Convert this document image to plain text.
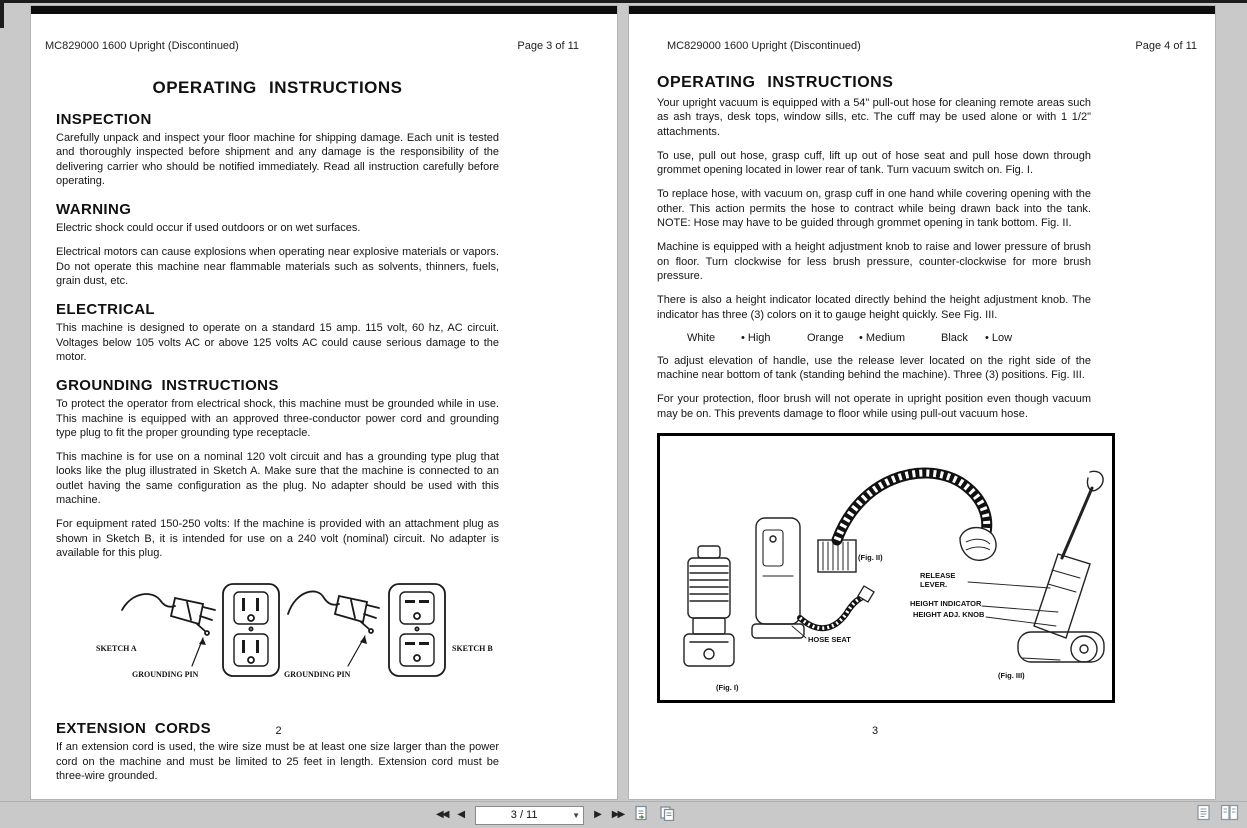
MC829000 1600 Upright (Discontinued)	Page 3 of 11
OPERATING INSTRUCTIONS
INSPECTION

Carefully unpack and inspect your floor machine for shipping damage. Each unit is tested and thoroughly inspected before shipment and any damage is the responsibility of the delivering carrier who should be notified immediately. Read all instruction carefully before operating.

WARNING

Electric shock could occur if used outdoors or on wet surfaces.

Electrical motors can cause explosions when operating near explosive materials or vapors. Do not operate this machine near flammable materials such as solvents, thinners, fuels, grain dust, etc.

ELECTRICAL

This machine is designed to operate on a standard 15 amp. 115 volt, 60 hz, AC circuit. Voltages below 105 volts AC or above 125 volts AC could cause serious damage to the motor.

GROUNDING INSTRUCTIONS

To protect the operator from electrical shock, this machine must be grounded while in use. This machine is equipped with an approved three-conductor power cord and grounding type plug to fit the proper grounding type receptacle.

This machine is for use on a nominal 120 volt circuit and has a grounding type plug that looks like the plug illustrated in Sketch A. Make sure that the machine is connected to an outlet having the same configuration as the plug. No adapter should be used with this machine.

For equipment rated 150-250 volts: If the machine is provided with an attachment plug as shown in Sketch B, it is intended for use on a 240 volt (nominal) circuit. No adapter is available for this plug.

SKETCH A
GROUNDING PIN	GROUNDING PIN
SKETCH B
EXTENSION CORDS

If an extension cord is used, the wire size must be at least one size larger than the power cord on the machine and must be limited to 25 feet in length. Extension cord must be three-wire grounded.

2
MC829000 1600 Upright (Discontinued)	Page 4 of 11
OPERATING INSTRUCTIONS

Your upright vacuum is equipped with a 54" pull-out hose for cleaning remote areas such as ash trays, desk tops, window sills, etc. The cuff may be used alone or with 1 1/2" attachments.

To use, pull out hose, grasp cuff, lift up out of hose seat and pull hose down through grommet opening located in lower rear of tank. Turn vacuum switch on. Fig. I.

To replace hose, with vacuum on, grasp cuff in one hand while covering opening with the other. This action permits the hose to contract while being drawn back into the tank. NOTE: Hose may have to be guided through grommet opening in tank bottom. Fig. II.

Machine is equipped with a height adjustment knob to raise and lower pressure of brush on floor. Turn clockwise for less brush pressure, counter-clockwise for more brush pressure.

There is also a height indicator located directly behind the height adjustment knob. The indicator has three (3) colors on it to gauge height quickly. See Fig. III.

White	• High	Orange	• Medium	Black	• Low

To adjust elevation of handle, use the release lever located on the right side of the machine near bottom of tank (standing behind the machine). Three (3) positions. Fig. III.

For your protection, floor brush will not operate in upright position even though vacuum may be on. This prevents damage to floor while using pull-out vacuum hose.

(Fig. II)
RELEASE LEVER.
HEIGHT INDICATOR
HEIGHT ADJ. KNOB
HOSE SEAT
(Fig. I)
(Fig. III)
3
◀◀ ◀	3 / 11	▼ ▶ ▶▶
